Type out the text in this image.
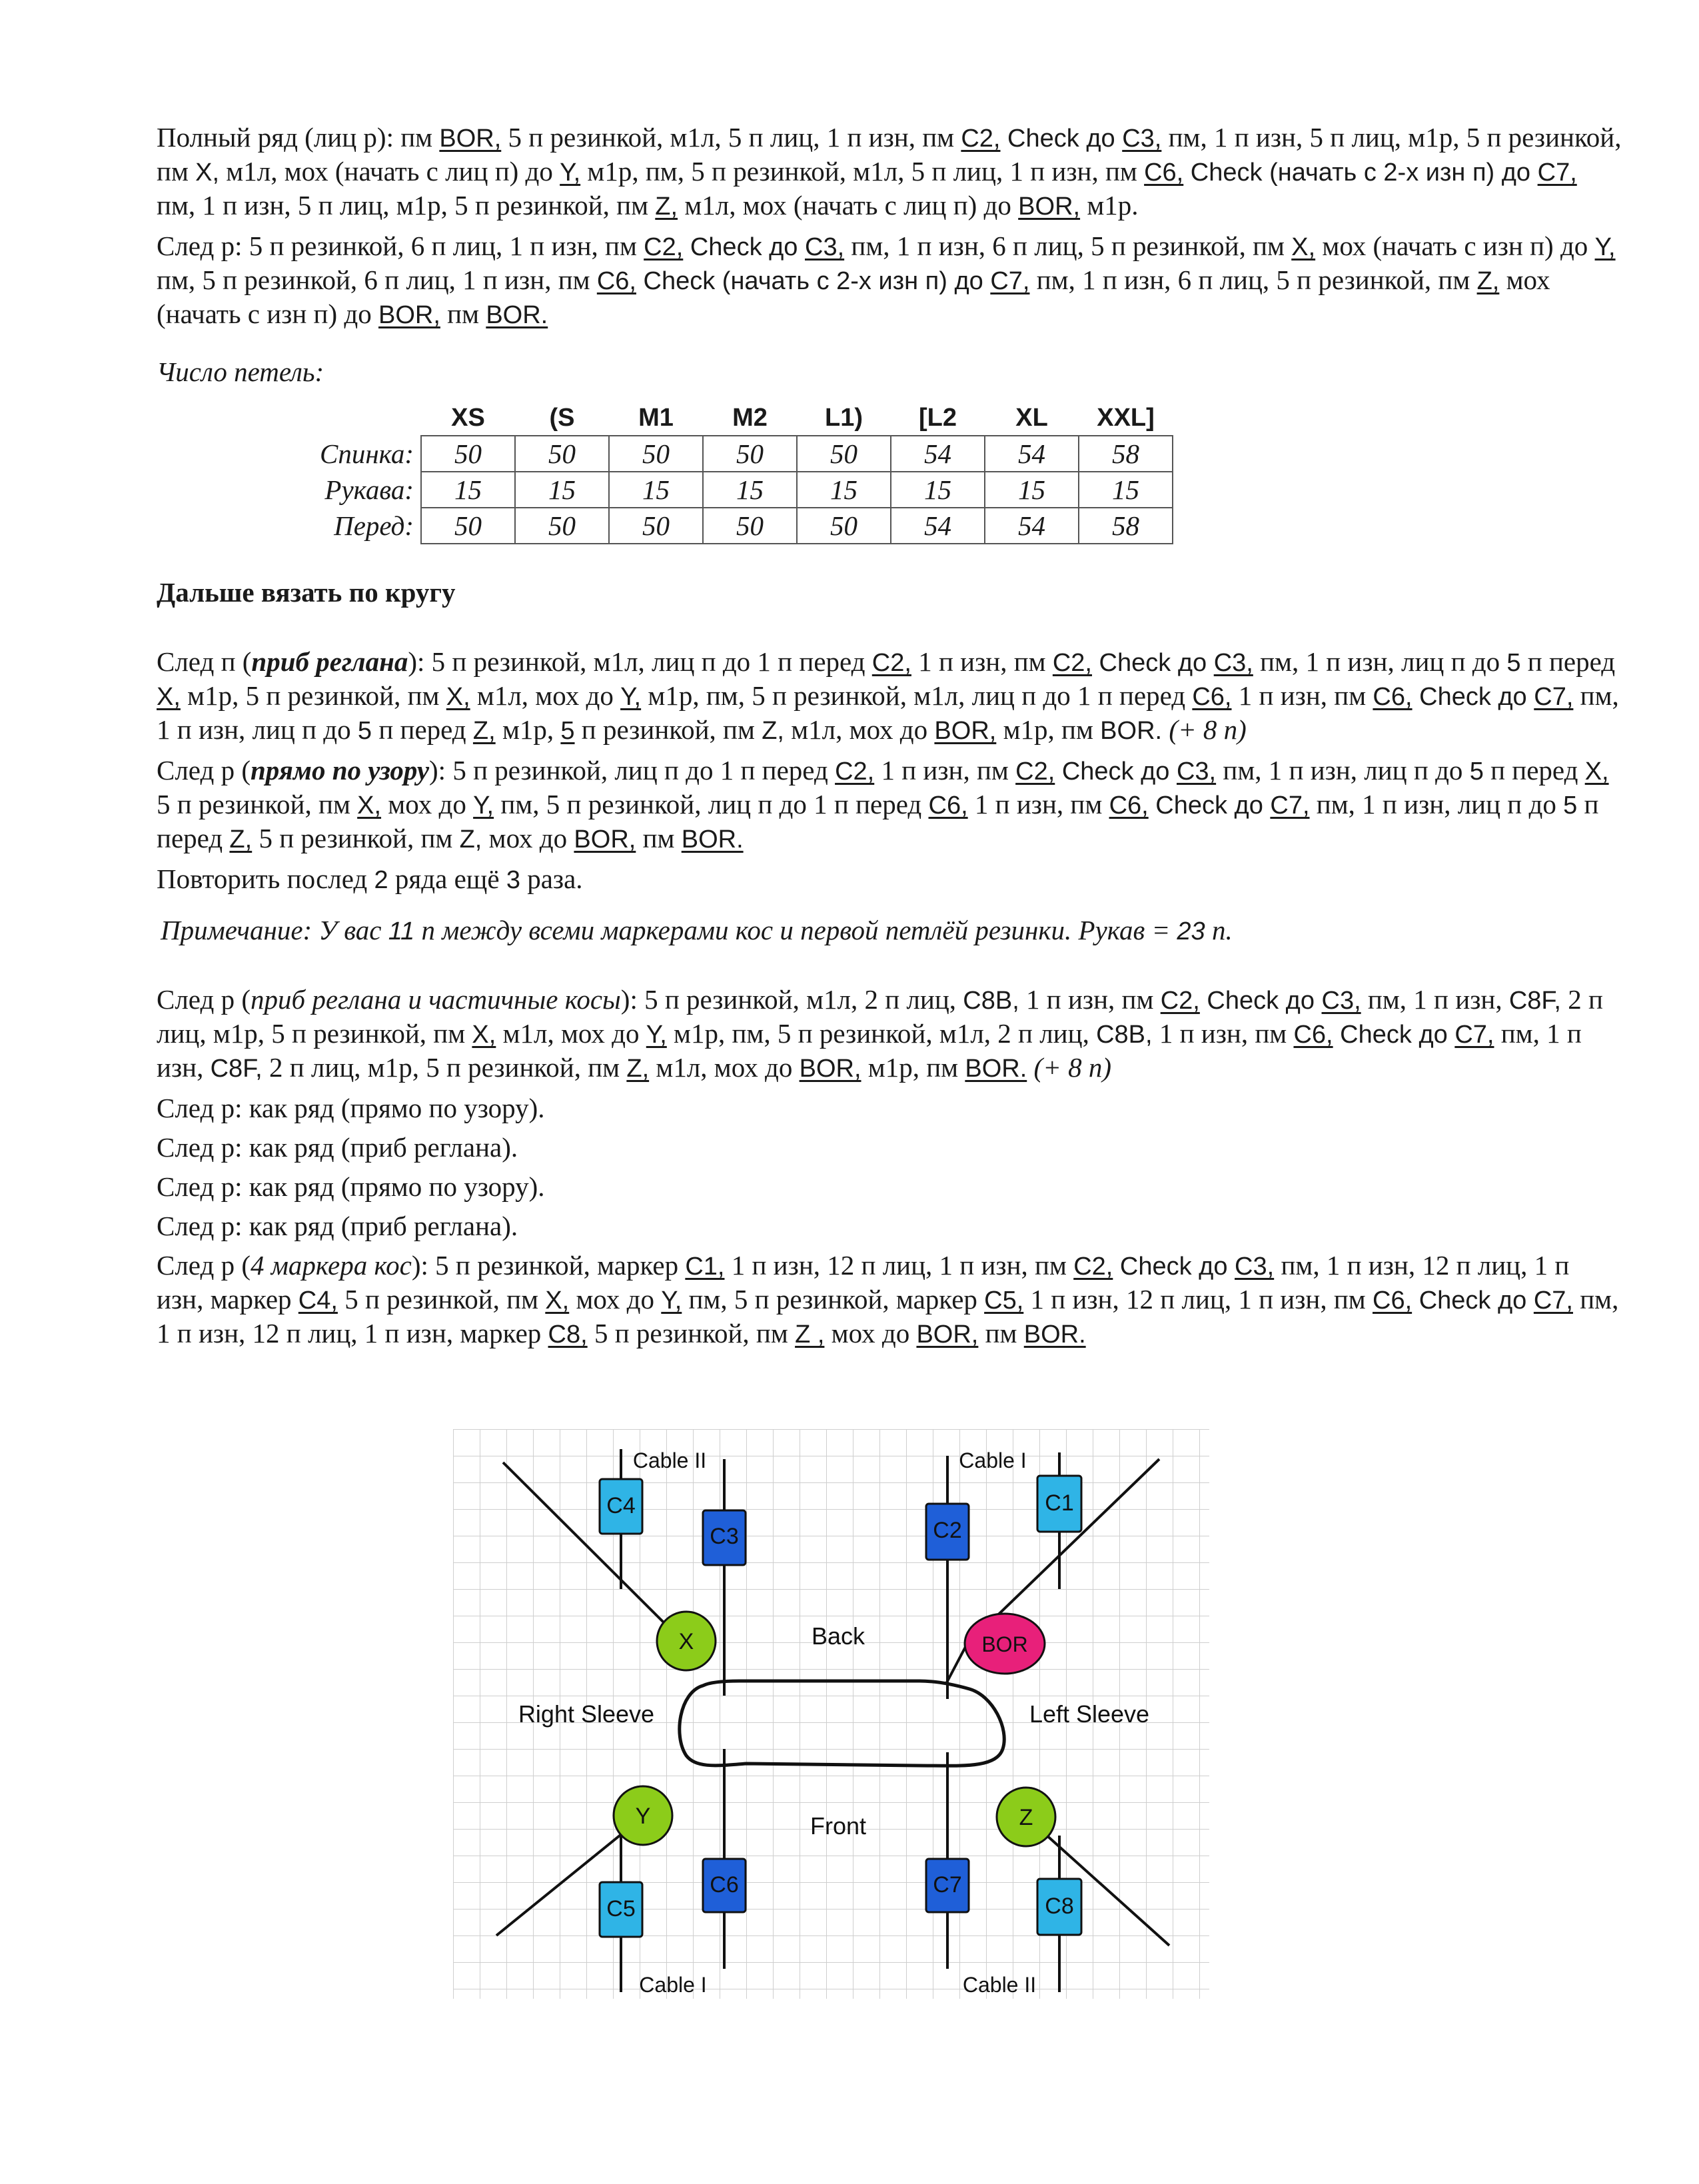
Полный ряд (лиц р): пм BOR, 5 п резинкой, м1л, 5 п лиц, 1 п изн, пм C2, Check до C3, пм, 1 п изн, 5 п лиц, м1р, 5 п резинкой, пм X, м1л, мох (начать с лиц п) до Y, м1р, пм, 5 п резинкой, м1л, 5 п лиц, 1 п изн, пм C6, Check (начать с 2-х изн п) до C7, пм, 1 п изн, 5 п лиц, м1р, 5 п резинкой, пм Z, м1л, мох (начать с лиц п) до BOR, м1р.

След р: 5 п резинкой, 6 п лиц, 1 п изн, пм C2, Check до C3, пм, 1 п изн, 6 п лиц, 5 п резинкой, пм X, мох (начать с изн п) до Y, пм, 5 п резинкой, 6 п лиц, 1 п изн, пм C6, Check (начать с 2-х изн п) до C7, пм, 1 п изн, 6 п лиц, 5 п резинкой, пм Z, мох (начать с изн п) до BOR, пм BOR.

Число петель:

	XS	(S	M1	M2	L1)	[L2	XL	XXL]
Спинка:	50	50	50	50	50	54	54	58
Рукава:	15	15	15	15	15	15	15	15
Перед:	50	50	50	50	50	54	54	58

Дальше вязать по кругу

След п (приб реглана): 5 п резинкой, м1л, лиц п до 1 п перед C2, 1 п изн, пм C2, Check до C3, пм, 1 п изн, лиц п до 5 п перед X, м1р, 5 п резинкой, пм X, м1л, мох до Y, м1р, пм, 5 п резинкой, м1л, лиц п до 1 п перед C6, 1 п изн, пм C6, Check до C7, пм, 1 п изн, лиц п до 5 п перед Z, м1р, 5 п резинкой, пм Z, м1л, мох до BOR, м1р, пм BOR. (+ 8 п)

След р (прямо по узору): 5 п резинкой, лиц п до 1 п перед C2, 1 п изн, пм C2, Check до C3, пм, 1 п изн, лиц п до 5 п перед X, 5 п резинкой, пм X, мох до Y, пм, 5 п резинкой, лиц п до 1 п перед C6, 1 п изн, пм C6, Check до C7, пм, 1 п изн, лиц п до 5 п перед Z, 5 п резинкой, пм Z, мох до BOR, пм BOR.

Повторить послед 2 ряда ещё 3 раза.

Примечание: У вас 11 п между всеми маркерами кос и первой петлёй резинки. Рукав = 23 п.

След р (приб реглана и частичные косы): 5 п резинкой, м1л, 2 п лиц, C8B, 1 п изн, пм C2, Check до C3, пм, 1 п изн, C8F, 2 п лиц, м1р, 5 п резинкой, пм X, м1л, мох до Y, м1р, пм, 5 п резинкой, м1л, 2 п лиц, C8B, 1 п изн, пм C6, Check до C7, пм, 1 п изн, C8F, 2 п лиц, м1р, 5 п резинкой, пм Z, м1л, мох до BOR, м1р, пм BOR. (+ 8 п)

След р: как ряд (прямо по узору).

След р: как ряд (приб реглана).

След р: как ряд (прямо по узору).

След р: как ряд (приб реглана).

След р (4 маркера кос): 5 п резинкой, маркер C1, 1 п изн, 12 п лиц, 1 п изн, пм C2, Check до C3, пм, 1 п изн, 12 п лиц, 1 п изн, маркер C4, 5 п резинкой, пм X, мох до Y, пм, 5 п резинкой, маркер C5, 1 п изн, 12 п лиц, 1 п изн, пм C6, Check до C7, пм, 1 п изн, 12 п лиц, 1 п изн, маркер C8, 5 п резинкой, пм Z , мох до BOR, пм BOR.

C4
C3	C2
C1
C5
C6	C7
C8
X	BOR
Y	Z
Cable II	Cable I
Back
Front
Right Sleeve	Left Sleeve
Cable I	Cable II
